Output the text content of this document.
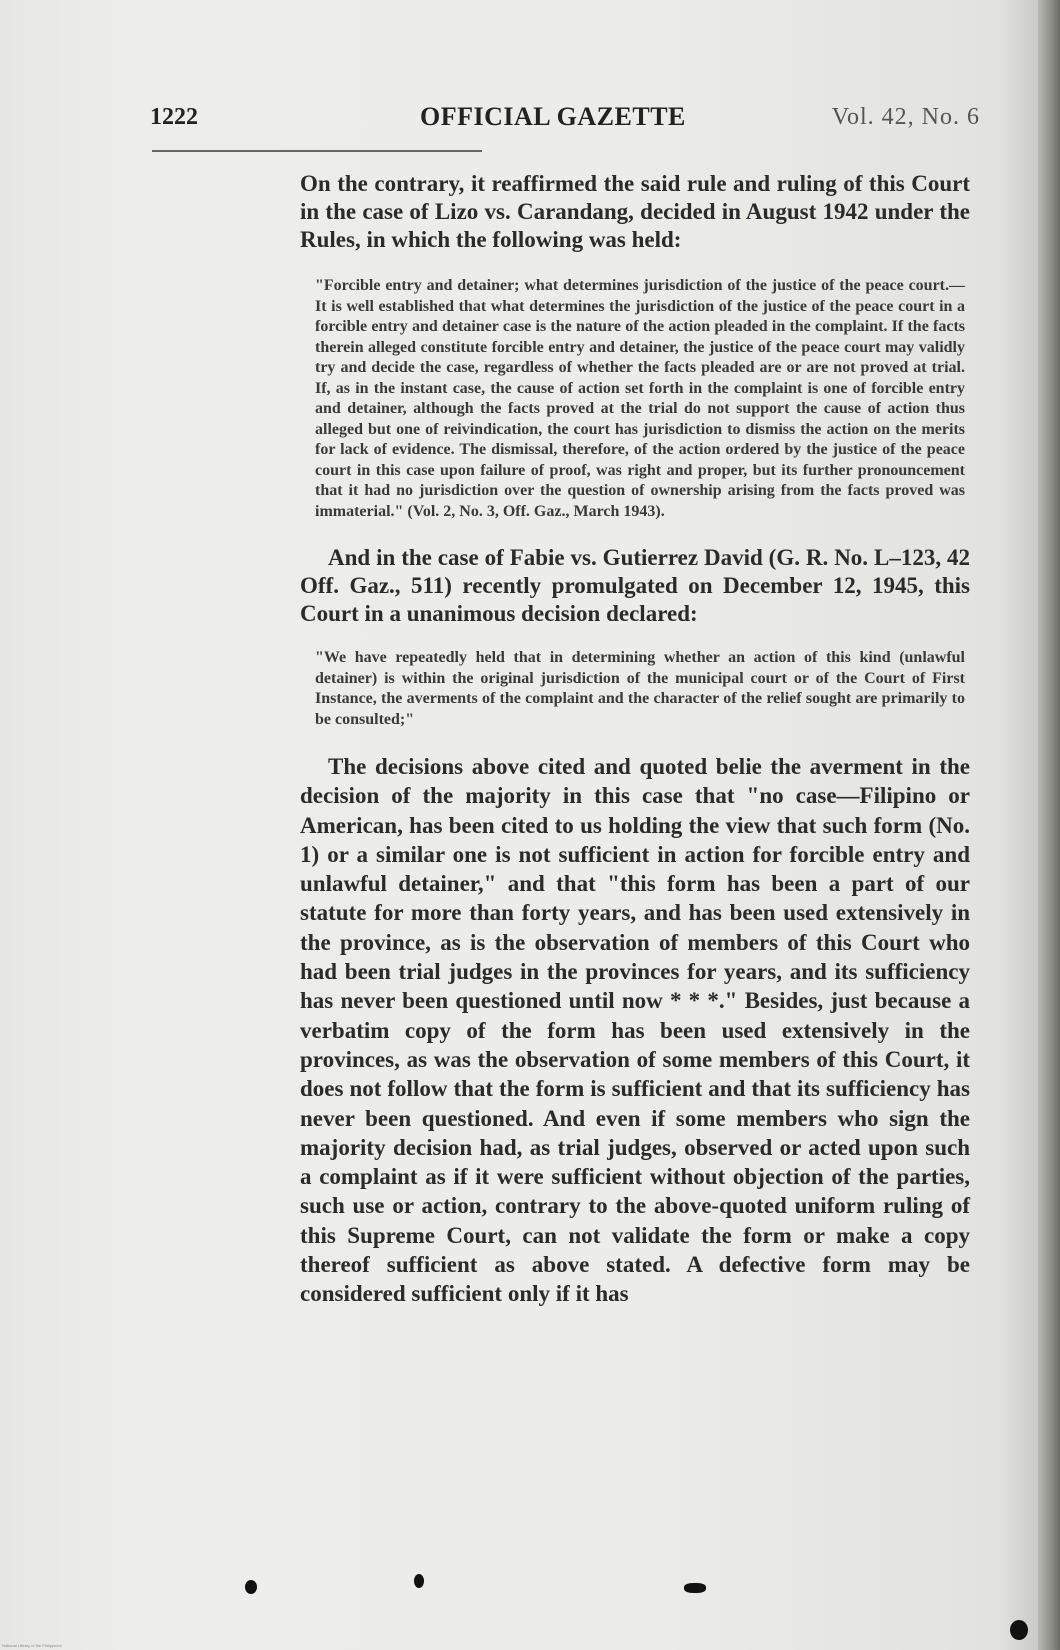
1222	OFFICIAL GAZETTE	Vol. 42, No. 6

On the contrary, it reaffirmed the said rule and ruling of this Court in the case of Lizo vs. Carandang, decided in August 1942 under the Rules, in which the following was held:

"Forcible entry and detainer; what determines jurisdiction of the justice of the peace court.—It is well established that what determines the jurisdiction of the justice of the peace court in a forcible entry and detainer case is the nature of the action pleaded in the complaint. If the facts therein alleged constitute forcible entry and detainer, the justice of the peace court may validly try and decide the case, regardless of whether the facts pleaded are or are not proved at trial. If, as in the instant case, the cause of action set forth in the complaint is one of forcible entry and detainer, although the facts proved at the trial do not support the cause of action thus alleged but one of reivindication, the court has jurisdiction to dismiss the action on the merits for lack of evidence. The dismissal, therefore, of the action ordered by the justice of the peace court in this case upon failure of proof, was right and proper, but its further pronouncement that it had no jurisdiction over the question of ownership arising from the facts proved was immaterial." (Vol. 2, No. 3, Off. Gaz., March 1943).

And in the case of Fabie vs. Gutierrez David (G. R. No. L–123, 42 Off. Gaz., 511) recently promulgated on December 12, 1945, this Court in a unanimous decision declared:

"We have repeatedly held that in determining whether an action of this kind (unlawful detainer) is within the original jurisdiction of the municipal court or of the Court of First Instance, the averments of the complaint and the character of the relief sought are primarily to be consulted;"

The decisions above cited and quoted belie the averment in the decision of the majority in this case that "no case—Filipino or American, has been cited to us holding the view that such form (No. 1) or a similar one is not sufficient in action for forcible entry and unlawful detainer," and that "this form has been a part of our statute for more than forty years, and has been used extensively in the province, as is the observation of members of this Court who had been trial judges in the provinces for years, and its sufficiency has never been questioned until now * * *." Besides, just because a verbatim copy of the form has been used extensively in the provinces, as was the observation of some members of this Court, it does not follow that the form is sufficient and that its sufficiency has never been questioned. And even if some members who sign the majority decision had, as trial judges, observed or acted upon such a complaint as if it were sufficient without objection of the parties, such use or action, contrary to the above-quoted uniform ruling of this Supreme Court, can not validate the form or make a copy thereof sufficient as above stated. A defective form may be considered sufficient only if it has

National Library of the Philippines
